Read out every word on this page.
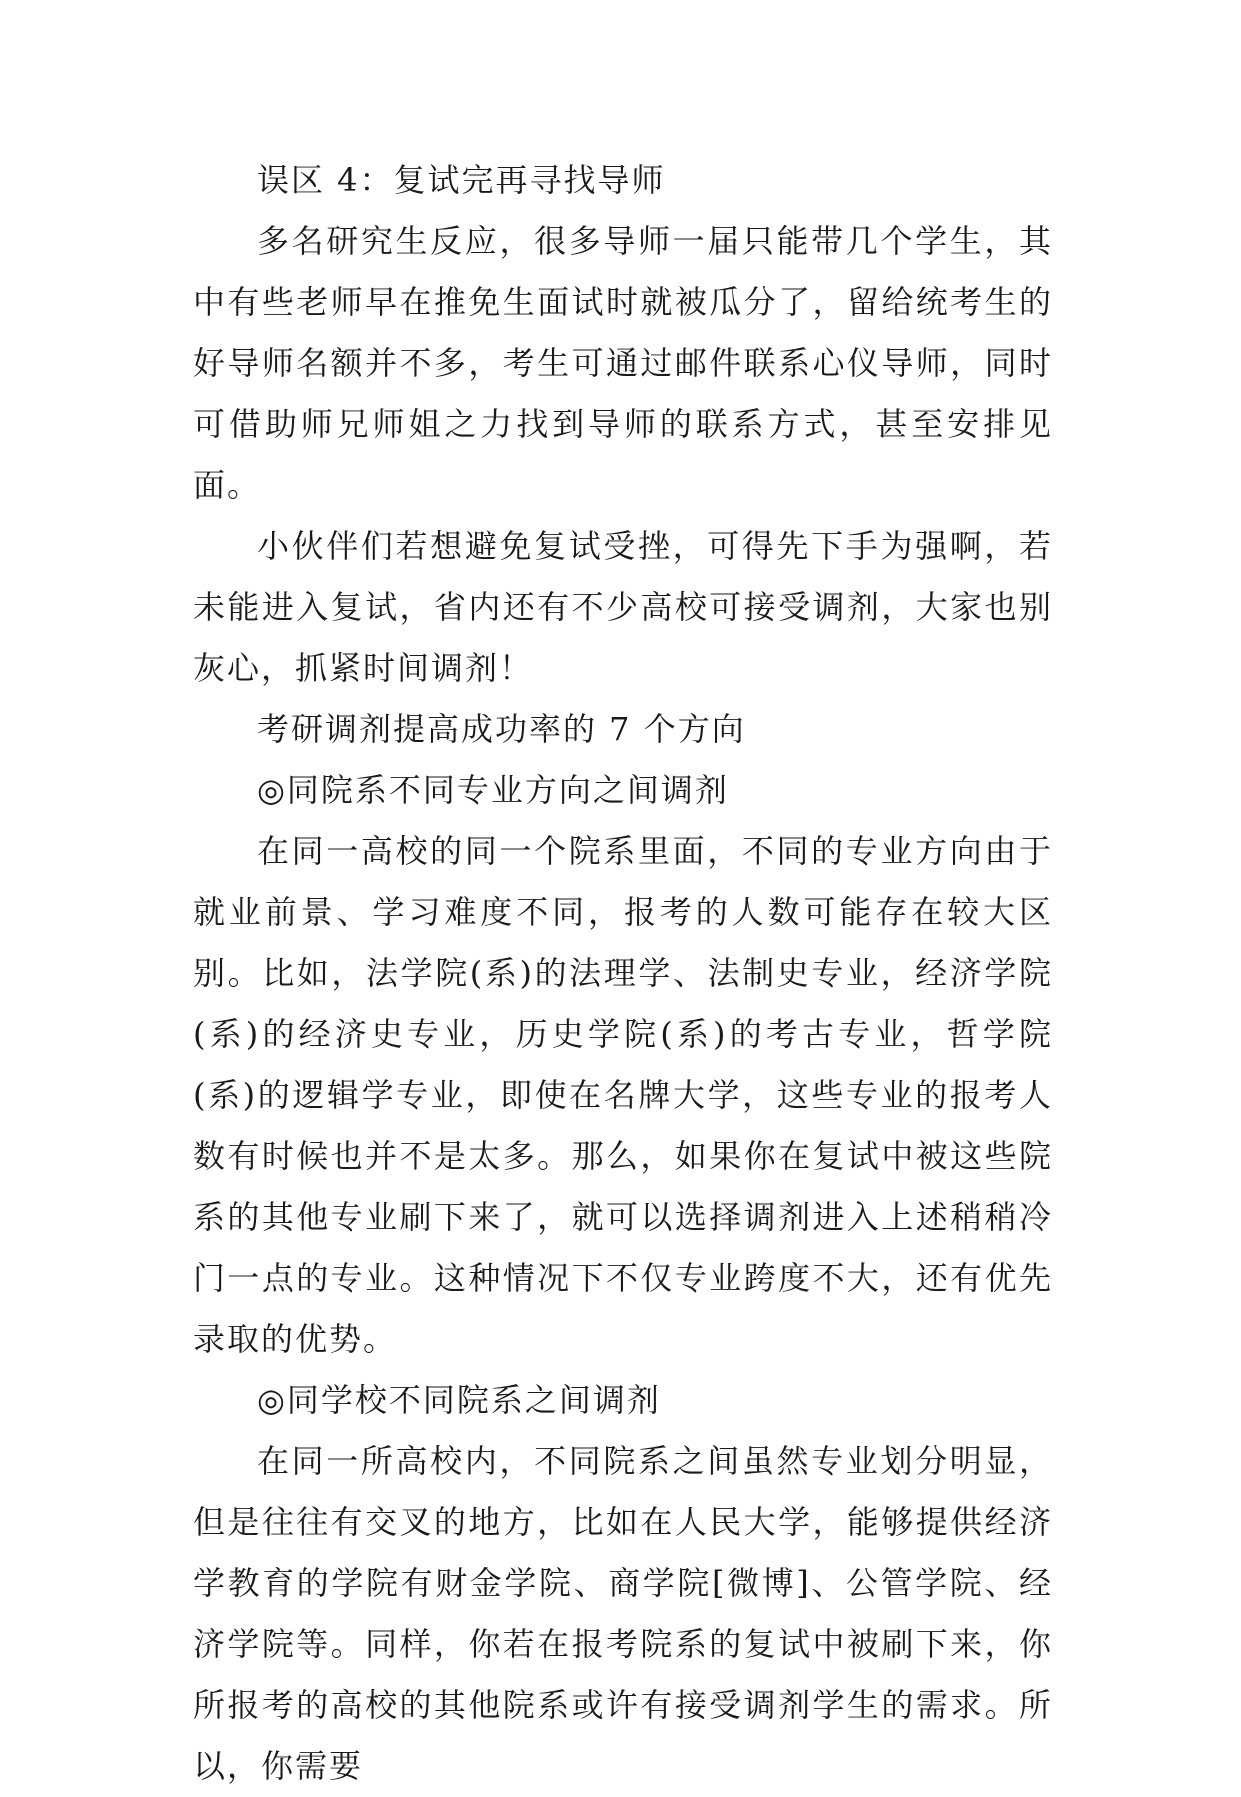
误区 4：复试完再寻找导师

多名研究生反应，很多导师一届只能带几个学生，其中有些老师早在推免生面试时就被瓜分了，留给统考生的好导师名额并不多，考生可通过邮件联系心仪导师，同时可借助师兄师姐之力找到导师的联系方式，甚至安排见面。

小伙伴们若想避免复试受挫，可得先下手为强啊，若未能进入复试，省内还有不少高校可接受调剂，大家也别灰心，抓紧时间调剂！

考研调剂提高成功率的 7 个方向

◎同院系不同专业方向之间调剂

在同一高校的同一个院系里面，不同的专业方向由于就业前景、学习难度不同，报考的人数可能存在较大区别。比如，法学院(系)的法理学、法制史专业，经济学院(系)的经济史专业，历史学院(系)的考古专业，哲学院(系)的逻辑学专业，即使在名牌大学，这些专业的报考人数有时候也并不是太多。那么，如果你在复试中被这些院系的其他专业刷下来了，就可以选择调剂进入上述稍稍冷门一点的专业。这种情况下不仅专业跨度不大，还有优先录取的优势。

◎同学校不同院系之间调剂

在同一所高校内，不同院系之间虽然专业划分明显，但是往往有交叉的地方，比如在人民大学，能够提供经济学教育的学院有财金学院、商学院[微博]、公管学院、经济学院等。同样，你若在报考院系的复试中被刷下来，你所报考的高校的其他院系或许有接受调剂学生的需求。所以，你需要
